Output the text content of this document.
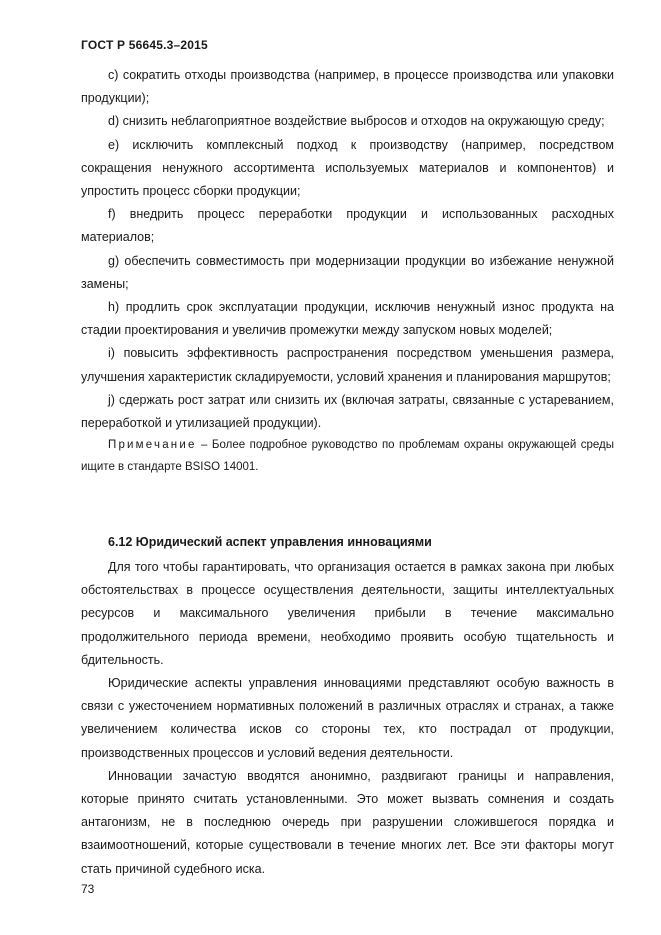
ГОСТ Р 56645.3–2015

c) сократить отходы производства (например, в процессе производства или упаковки продукции);

d) снизить неблагоприятное воздействие выбросов и отходов на окружающую среду;

e) исключить комплексный подход к производству (например, посредством сокращения ненужного ассортимента используемых материалов и компонентов) и упростить процесс сборки продукции;

f) внедрить процесс переработки продукции и использованных расходных материалов;

g) обеспечить совместимость при модернизации продукции во избежание ненужной замены;

h) продлить срок эксплуатации продукции, исключив ненужный износ продукта на стадии проектирования и увеличив промежутки между запуском новых моделей;

i) повысить эффективность распространения посредством уменьшения размера, улучшения характеристик складируемости, условий хранения и планирования маршрутов;

j) сдержать рост затрат или снизить их (включая затраты, связанные с устареванием, переработкой и утилизацией продукции).

Примечание – Более подробное руководство по проблемам охраны окружающей среды ищите в стандарте BSISO 14001.

6.12 Юридический аспект управления инновациями

Для того чтобы гарантировать, что организация остается в рамках закона при любых обстоятельствах в процессе осуществления деятельности, защиты интеллектуальных ресурсов и максимального увеличения прибыли в течение максимально продолжительного периода времени, необходимо проявить особую тщательность и бдительность.

Юридические аспекты управления инновациями представляют особую важность в связи с ужесточением нормативных положений в различных отраслях и странах, а также увеличением количества исков со стороны тех, кто пострадал от продукции, производственных процессов и условий ведения деятельности.

Инновации зачастую вводятся анонимно, раздвигают границы и направления, которые принято считать установленными. Это может вызвать сомнения и создать антагонизм, не в последнюю очередь при разрушении сложившегося порядка и взаимоотношений, которые существовали в течение многих лет. Все эти факторы могут стать причиной судебного иска.

73
